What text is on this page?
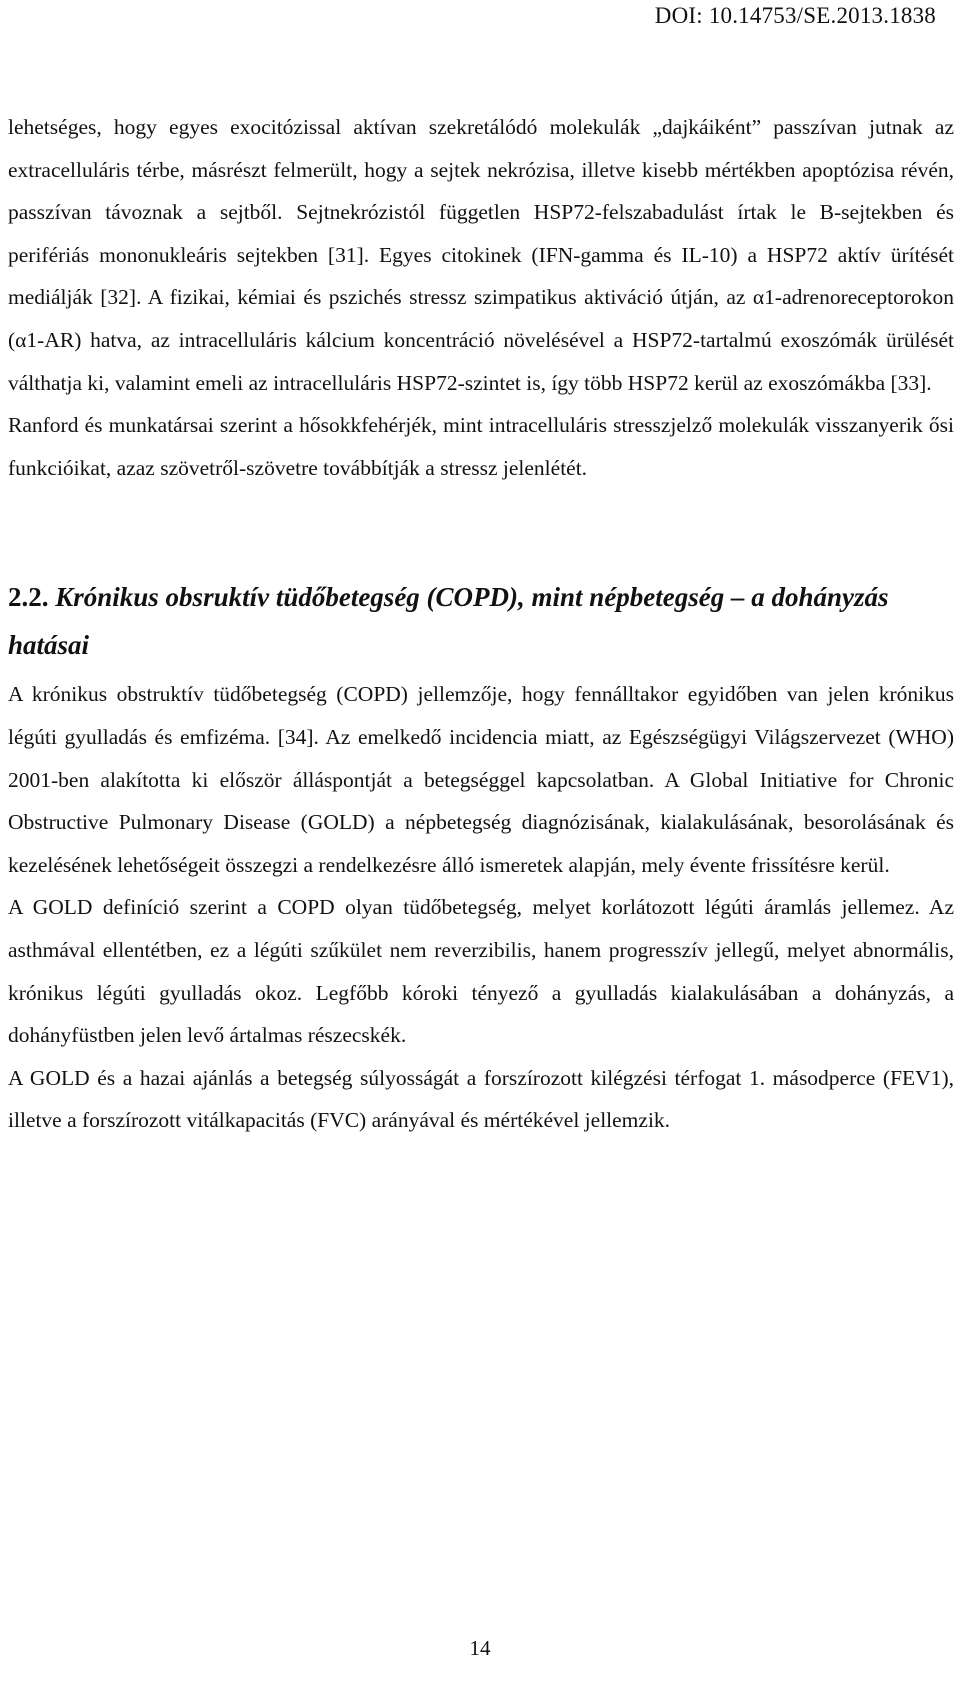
DOI: 10.14753/SE.2013.1838

lehetséges, hogy egyes exocitózissal aktívan szekretálódó molekulák „dajkáiként” passzívan jutnak az extracelluláris térbe, másrészt felmerült, hogy a sejtek nekrózisa, illetve kisebb mértékben apoptózisa révén, passzívan távoznak a sejtből. Sejtnekrózistól független HSP72-felszabadulást írtak le B-sejtekben és perifériás mononukleáris sejtekben [31]. Egyes citokinek (IFN-gamma és IL-10) a HSP72 aktív ürítését mediálják [32]. A fizikai, kémiai és pszichés stressz szimpatikus aktiváció útján, az α1-adrenoreceptorokon (α1-AR) hatva, az intracelluláris kálcium koncentráció növelésével a HSP72-tartalmú exoszómák ürülését válthatja ki, valamint emeli az intracelluláris HSP72-szintet is, így több HSP72 kerül az exoszómákba [33].

Ranford és munkatársai szerint a hősokkfehérjék, mint intracelluláris stresszjelző molekulák visszanyerik ősi funkcióikat, azaz szövetről-szövetre továbbítják a stressz jelenlétét.

2.2. Krónikus obsruktív tüdőbetegség (COPD), mint népbetegség – a dohányzás hatásai

A krónikus obstruktív tüdőbetegség (COPD) jellemzője, hogy fennálltakor egyidőben van jelen krónikus légúti gyulladás és emfizéma. [34]. Az emelkedő incidencia miatt, az Egészségügyi Világszervezet (WHO) 2001-ben alakította ki először álláspontját a betegséggel kapcsolatban. A Global Initiative for Chronic Obstructive Pulmonary Disease (GOLD) a népbetegség diagnózisának, kialakulásának, besorolásának és kezelésének lehetőségeit összegzi a rendelkezésre álló ismeretek alapján, mely évente frissítésre kerül.

A GOLD definíció szerint a COPD olyan tüdőbetegség, melyet korlátozott légúti áramlás jellemez. Az asthmával ellentétben, ez a légúti szűkület nem reverzibilis, hanem progresszív jellegű, melyet abnormális, krónikus légúti gyulladás okoz. Legfőbb kóroki tényező a gyulladás kialakulásában a dohányzás, a dohányfüstben jelen levő ártalmas részecskék.

A GOLD és a hazai ajánlás a betegség súlyosságát a forszírozott kilégzési térfogat 1. másodperce (FEV1), illetve a forszírozott vitálkapacitás (FVC) arányával és mértékével jellemzik.

14
